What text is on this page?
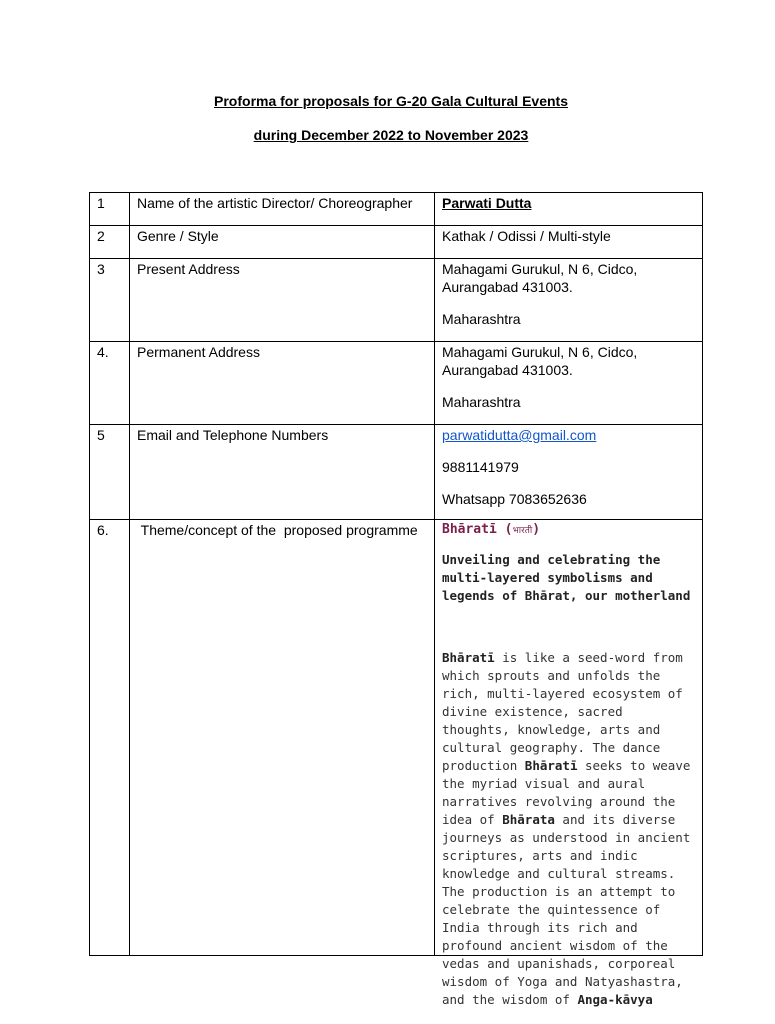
Proforma for proposals for G-20 Gala Cultural Events
during December 2022 to November 2023
1	Name of the artistic Director/ Choreographer	Parwati Dutta
2	Genre / Style	Kathak / Odissi / Multi-style
3	Present Address	Mahagami Gurukul, N 6, Cidco, Aurangabad 431003.
Maharashtra

4.	Permanent Address	Mahagami Gurukul, N 6, Cidco, Aurangabad 431003.
Maharashtra

5	Email and Telephone Numbers	parwatidutta@gmail.com
9881141979
Whatsapp 7083652636

6.	Theme/concept of the  proposed programme	Bhāratī (भारती)
Unveiling and celebrating the multi-layered symbolisms and legends of Bhārat, our motherland
Bhāratī is like a seed-word from which sprouts and unfolds the rich, multi-layered ecosystem of divine existence, sacred thoughts, knowledge, arts and cultural geography. The dance production Bhāratī seeks to weave the myriad visual and aural narratives revolving around the idea of Bhārata and its diverse journeys as understood in ancient scriptures, arts and indic knowledge and cultural streams. The production is an attempt to celebrate the quintessence of India through its rich and profound ancient wisdom of the vedas and upanishads, corporeal wisdom of Yoga and Natyashastra, and the wisdom of Anga-kāvya
